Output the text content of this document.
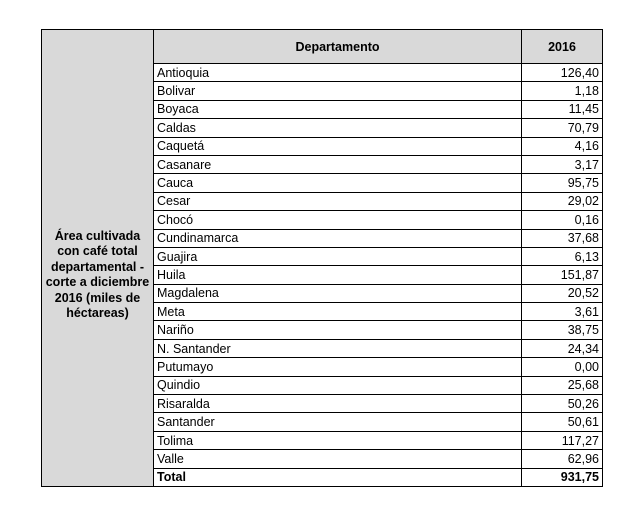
Área cultivada con café total departamental - corte a diciembre 2016 (miles de héctareas)
Departamento	2016
Antioquia	126,40
Bolivar	1,18
Boyaca	11,45
Caldas	70,79
Caquetá	4,16
Casanare	3,17
Cauca	95,75
Cesar	29,02
Chocó	0,16
Cundinamarca	37,68
Guajira	6,13
Huila	151,87
Magdalena	20,52
Meta	3,61
Nariño	38,75
N. Santander	24,34
Putumayo	0,00
Quindio	25,68
Risaralda	50,26
Santander	50,61
Tolima	117,27
Valle	62,96
Total	931,75
